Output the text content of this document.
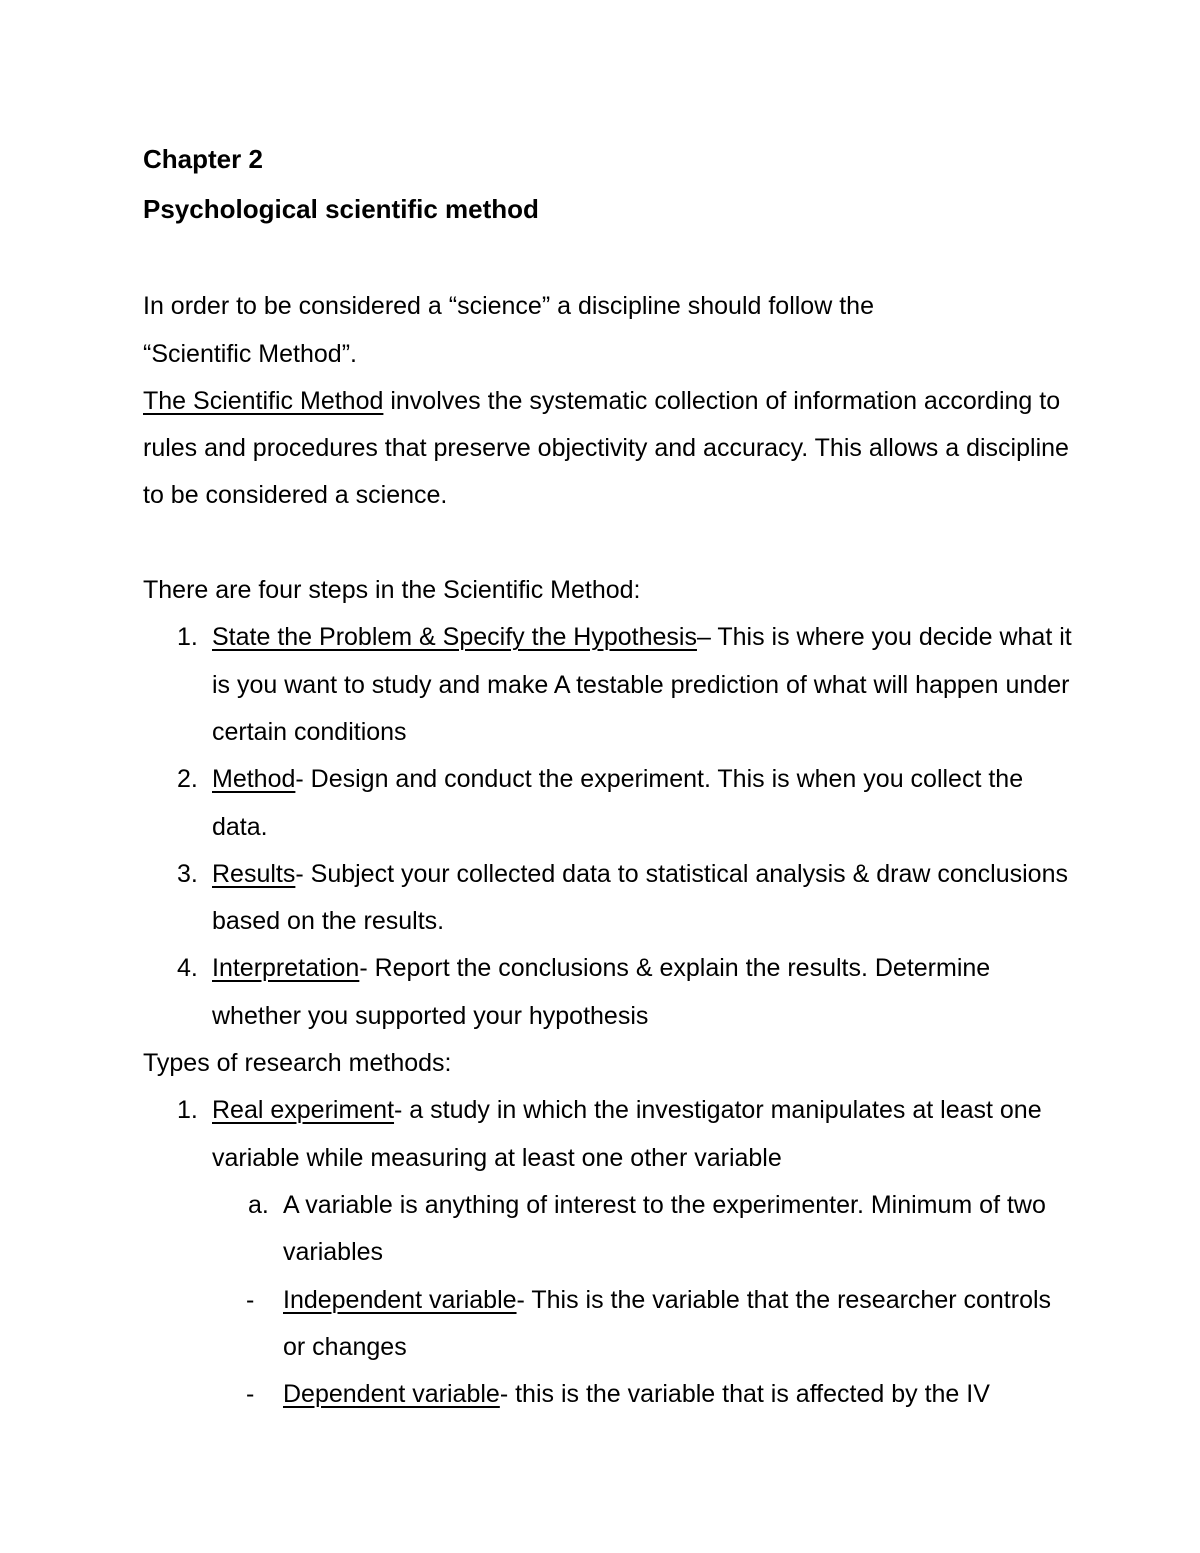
Chapter 2
Psychological scientific method
In order to be considered a “science” a discipline should follow the
“Scientific Method”.
The Scientific Method involves the systematic collection of information according to rules and procedures that preserve objectivity and accuracy. This allows a discipline to be considered a science.
There are four steps in the Scientific Method:
1. State the Problem & Specify the Hypothesis– This is where you decide what it is you want to study and make A testable prediction of what will happen under certain conditions
2. Method- Design and conduct the experiment. This is when you collect the data.
3. Results- Subject your collected data to statistical analysis & draw conclusions based on the results.
4. Interpretation- Report the conclusions & explain the results. Determine whether you supported your hypothesis
Types of research methods:
1. Real experiment- a study in which the investigator manipulates at least one variable while measuring at least one other variable
a. A variable is anything of interest to the experimenter. Minimum of two variables
- Independent variable- This is the variable that the researcher controls or changes
- Dependent variable- this is the variable that is affected by the IV
